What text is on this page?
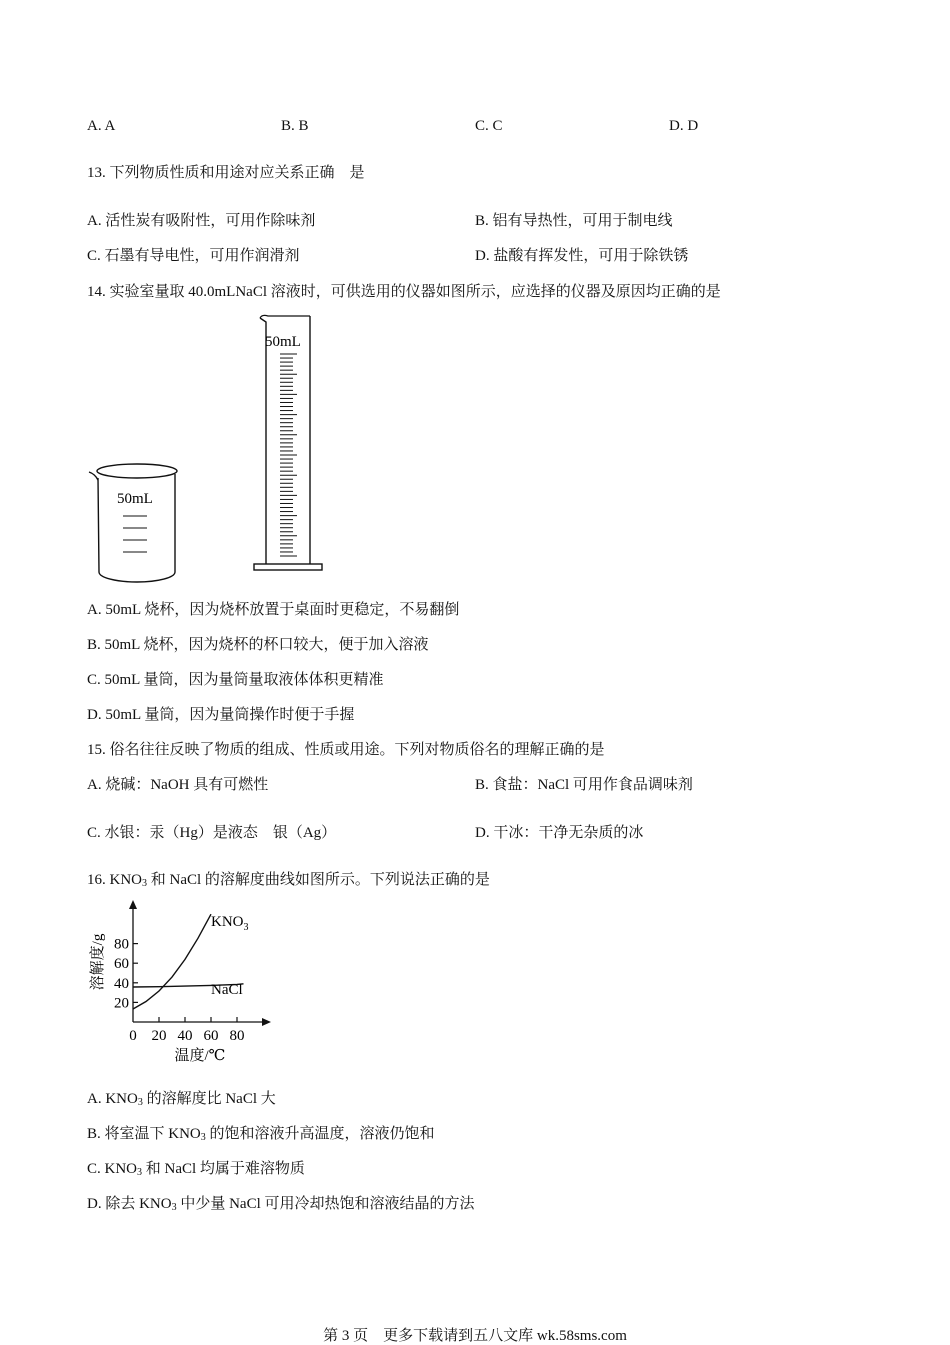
A. A	B. B	C. C	D. D
13. 下列物质性质和用途对应关系正确　是
A. 活性炭有吸附性，可用作除味剂	B. 铝有导热性，可用于制电线
C. 石墨有导电性，可用作润滑剂	D. 盐酸有挥发性，可用于除铁锈
14. 实验室量取 40.0mLNaCl 溶液时，可供选用的仪器如图所示，应选择的仪器及原因均正确的是
50mL
50mL
A. 50mL 烧杯，因为烧杯放置于桌面时更稳定，不易翻倒
B. 50mL 烧杯，因为烧杯的杯口较大，便于加入溶液
C. 50mL 量筒，因为量筒量取液体体积更精准
D. 50mL 量筒，因为量筒操作时便于手握
15. 俗名往往反映了物质的组成、性质或用途。下列对物质俗名的理解正确的是
A. 烧碱：NaOH 具有可燃性	B. 食盐：NaCl 可用作食品调味剂
C. 水银：汞（Hg）是液态　银（Ag）	D. 干冰：干净无杂质的冰
16. $KNO_3$ 和 NaCl 的溶解度曲线如图所示。下列说法正确的是
0 20 40 60 80
20
40
60
80
$KNO_3$
NaCl
温度/℃
溶解度/g
A. $KNO_3$ 的溶解度比 NaCl 大
B. 将室温下 $KNO_3$ 的饱和溶液升高温度，溶液仍饱和
C. $KNO_3$ 和 NaCl 均属于难溶物质
D. 除去 $KNO_3$ 中少量 NaCl 可用冷却热饱和溶液结晶的方法
第 3 页　更多下载请到五八文库 wk.58sms.com
